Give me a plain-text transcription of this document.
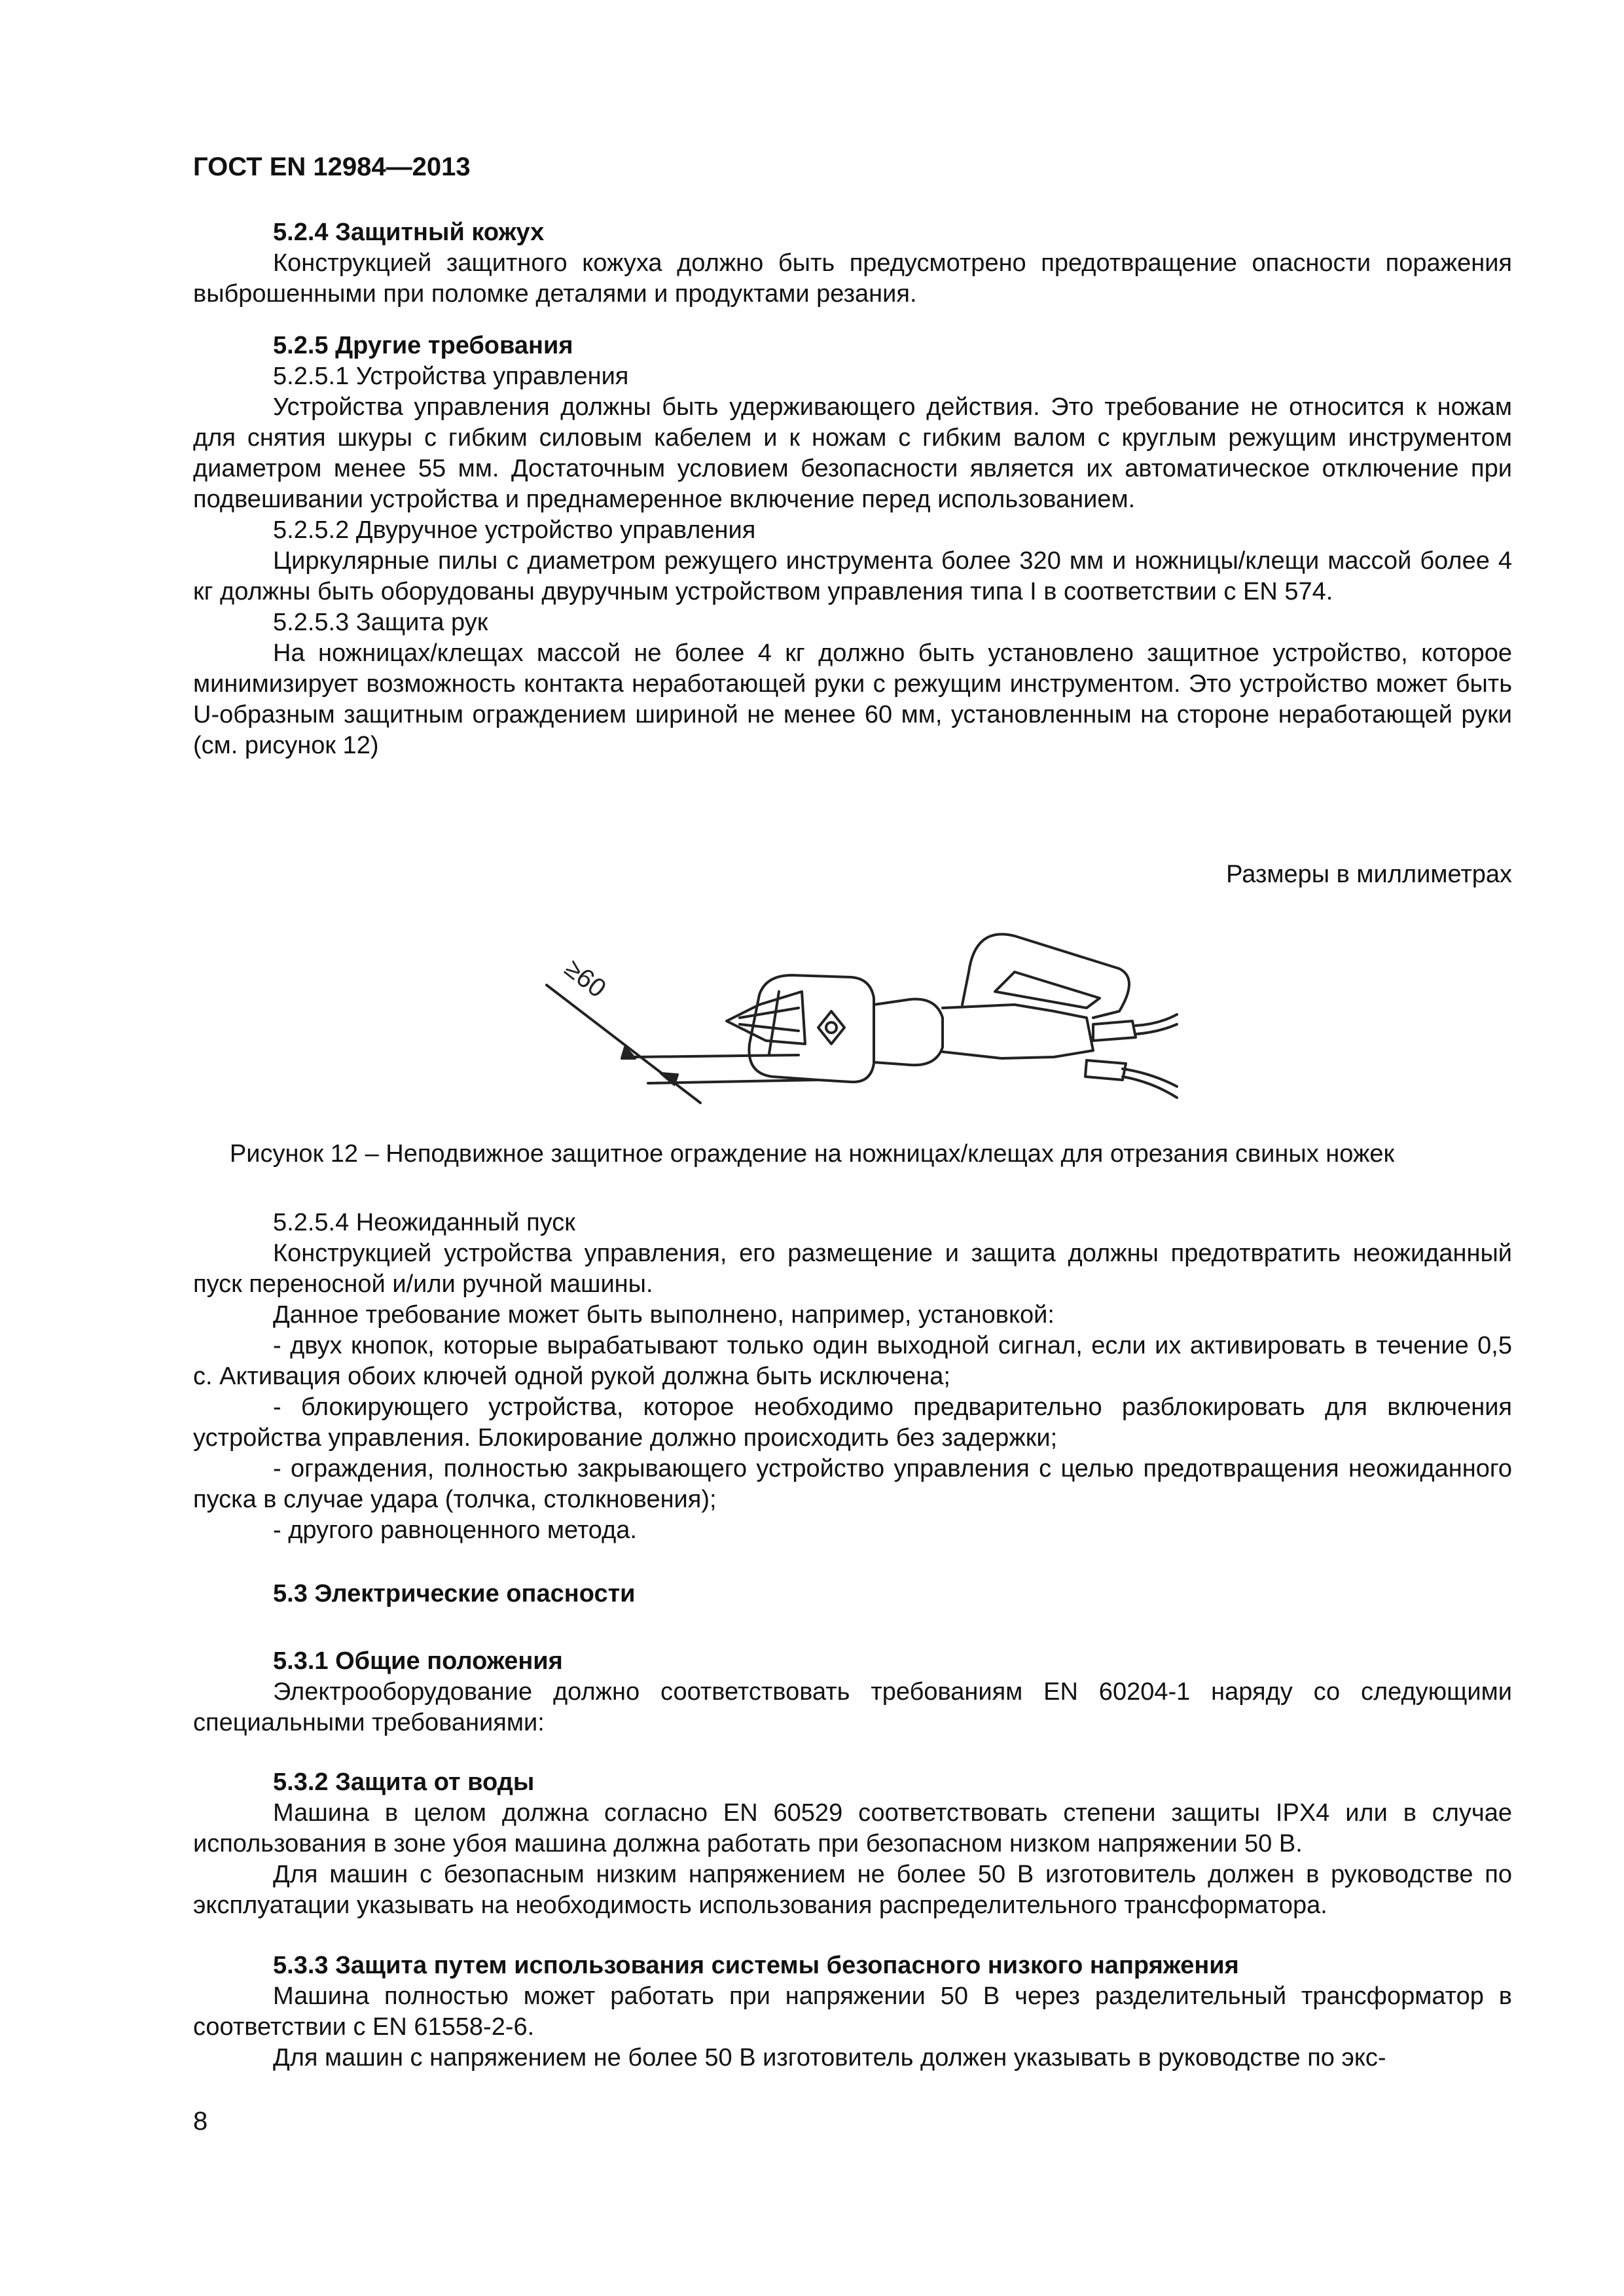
ГОСТ EN 12984—2013

5.2.4 Защитный кожух

Конструкцией защитного кожуха должно быть предусмотрено предотвращение опасности поражения выброшенными при поломке деталями и продуктами резания.

5.2.5 Другие требования

5.2.5.1 Устройства управления

Устройства управления должны быть удерживающего действия. Это требование не относится к ножам для снятия шкуры с гибким силовым кабелем и к ножам с гибким валом с круглым режущим инструментом диаметром менее 55 мм. Достаточным условием безопасности является их автоматическое отключение при подвешивании устройства и преднамеренное включение перед использованием.

5.2.5.2 Двуручное устройство управления

Циркулярные пилы с диаметром режущего инструмента более 320 мм и ножницы/клещи массой более 4 кг должны быть оборудованы двуручным устройством управления типа I в соответствии с EN 574.

5.2.5.3 Защита рук

На ножницах/клещах массой не более 4 кг должно быть установлено защитное устройство, которое минимизирует возможность контакта неработающей руки с режущим инструментом. Это устройство может быть U-образным защитным ограждением шириной не менее 60 мм, установленным на стороне неработающей руки (см. рисунок 12)

Размеры в миллиметрах
≥60
Рисунок 12 – Неподвижное защитное ограждение на ножницах/клещах для отрезания свиных ножек

5.2.5.4 Неожиданный пуск

Конструкцией устройства управления, его размещение и защита должны предотвратить неожиданный пуск переносной и/или ручной машины.

Данное требование может быть выполнено, например, установкой:

- двух кнопок, которые вырабатывают только один выходной сигнал, если их активировать в течение 0,5 с. Активация обоих ключей одной рукой должна быть исключена;

- блокирующего устройства, которое необходимо предварительно разблокировать для включения устройства управления. Блокирование должно происходить без задержки;

- ограждения, полностью закрывающего устройство управления с целью предотвращения неожиданного пуска в случае удара (толчка, столкновения);

- другого равноценного метода.

5.3 Электрические опасности

5.3.1 Общие положения

Электрооборудование должно соответствовать требованиям EN 60204-1 наряду со следующими специальными требованиями:

5.3.2 Защита от воды

Машина в целом должна согласно EN 60529 соответствовать степени защиты IPX4 или в случае использования в зоне убоя машина должна работать при безопасном низком напряжении 50 В.

Для машин с безопасным низким напряжением не более 50 В изготовитель должен в руководстве по эксплуатации указывать на необходимость использования распределительного трансформатора.

5.3.3 Защита путем использования системы безопасного низкого напряжения

Машина полностью может работать при напряжении 50 В через разделительный трансформатор в соответствии с EN 61558-2-6.

Для машин с напряжением не более 50 В изготовитель должен указывать в руководстве по экс-

8
